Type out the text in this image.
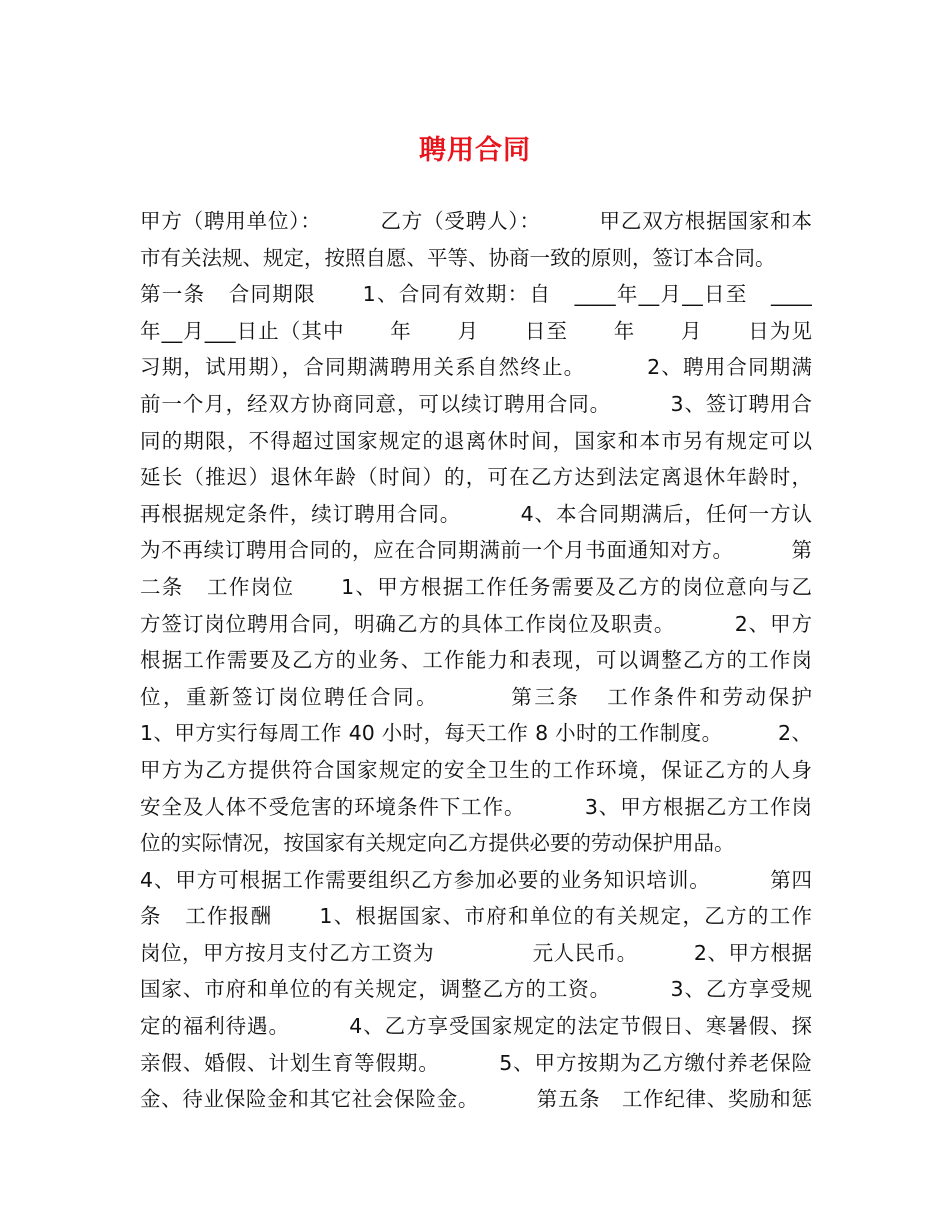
聘用合同
甲方（聘用单位）：        乙方（受聘人）：        甲乙双方根据国家和本
市有关法规、规定，按照自愿、平等、协商一致的原则，签订本合同。
第一条   合同期限      1、合同有效期：自   ____年__月__日至   ____
年__月___日止（其中      年      月      日至      年      月      日为见
习期，试用期），合同期满聘用关系自然终止。        2、聘用合同期满
前一个月，经双方协商同意，可以续订聘用合同。        3、签订聘用合
同的期限，不得超过国家规定的退离休时间，国家和本市另有规定可以
延长（推迟）退休年龄（时间）的，可在乙方达到法定离退休年龄时，
再根据规定条件，续订聘用合同。        4、本合同期满后，任何一方认
为不再续订聘用合同的，应在合同期满前一个月书面通知对方。        第
二条   工作岗位      1、甲方根据工作任务需要及乙方的岗位意向与乙
方签订岗位聘用合同，明确乙方的具体工作岗位及职责。        2、甲方
根据工作需要及乙方的业务、工作能力和表现，可以调整乙方的工作岗
位，重新签订岗位聘任合同。        第三条   工作条件和劳动保护
1、甲方实行每周工作 40 小时，每天工作 8 小时的工作制度。        2、
甲方为乙方提供符合国家规定的安全卫生的工作环境，保证乙方的人身
安全及人体不受危害的环境条件下工作。        3、甲方根据乙方工作岗
位的实际情况，按国家有关规定向乙方提供必要的劳动保护用品。
4、甲方可根据工作需要组织乙方参加必要的业务知识培训。        第四
条   工作报酬      1、根据国家、市府和单位的有关规定，乙方的工作
岗位，甲方按月支付乙方工资为              元人民币。        2、甲方根据
国家、市府和单位的有关规定，调整乙方的工资。        3、乙方享受规
定的福利待遇。        4、乙方享受国家规定的法定节假日、寒暑假、探
亲假、婚假、计划生育等假期。        5、甲方按期为乙方缴付养老保险
金、待业保险金和其它社会保险金。        第五条   工作纪律、奖励和惩
